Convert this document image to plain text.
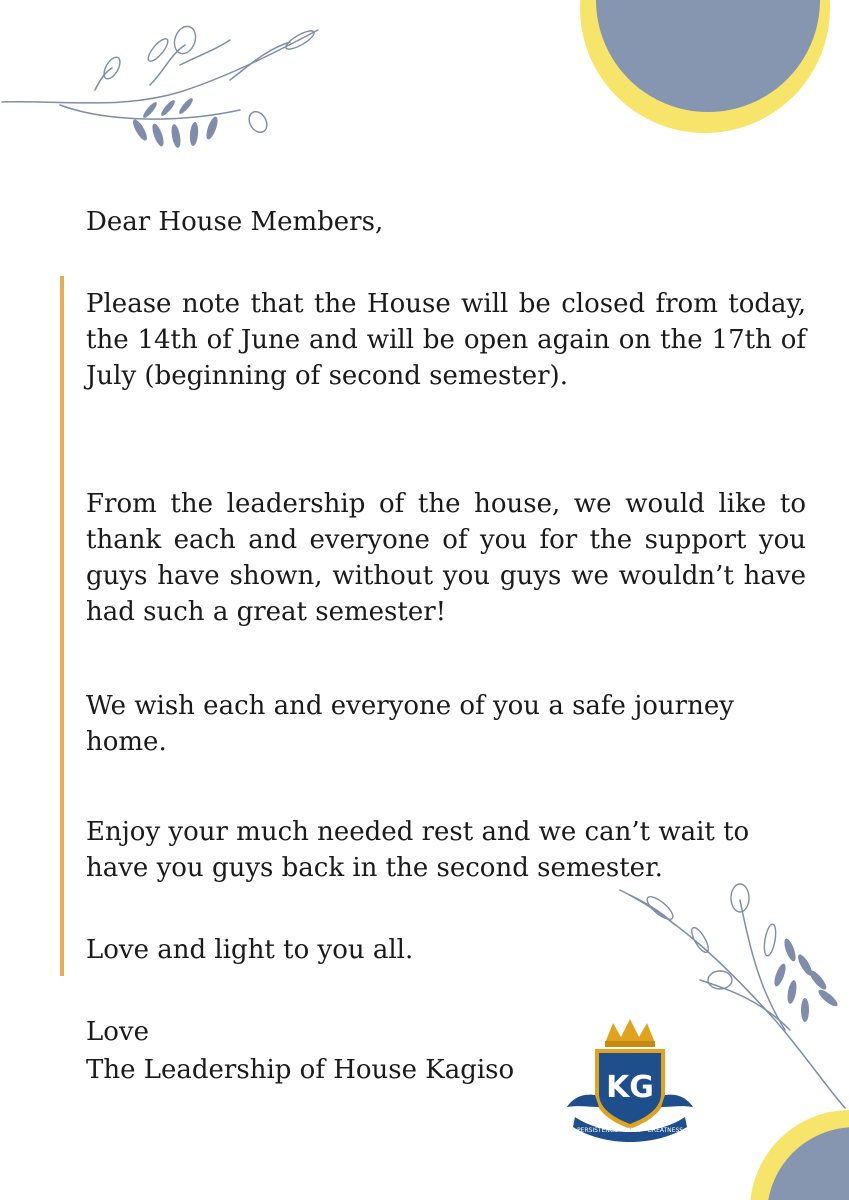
Dear House Members,
Please note that the House will be closed from today, the 14th of June and will be open again on the 17th of July (beginning of second semester).
From the leadership of the house, we would like to thank each and everyone of you for the support you guys have shown, without you guys we wouldn’t have had such a great semester!
We wish each and everyone of you a safe journey home.
Enjoy your much needed rest and we can’t wait to have you guys back in the second semester.
Love and light to you all.
Love
The Leadership of House Kagiso	KG
PERSISTENCE · UNITY · GREATNESS
